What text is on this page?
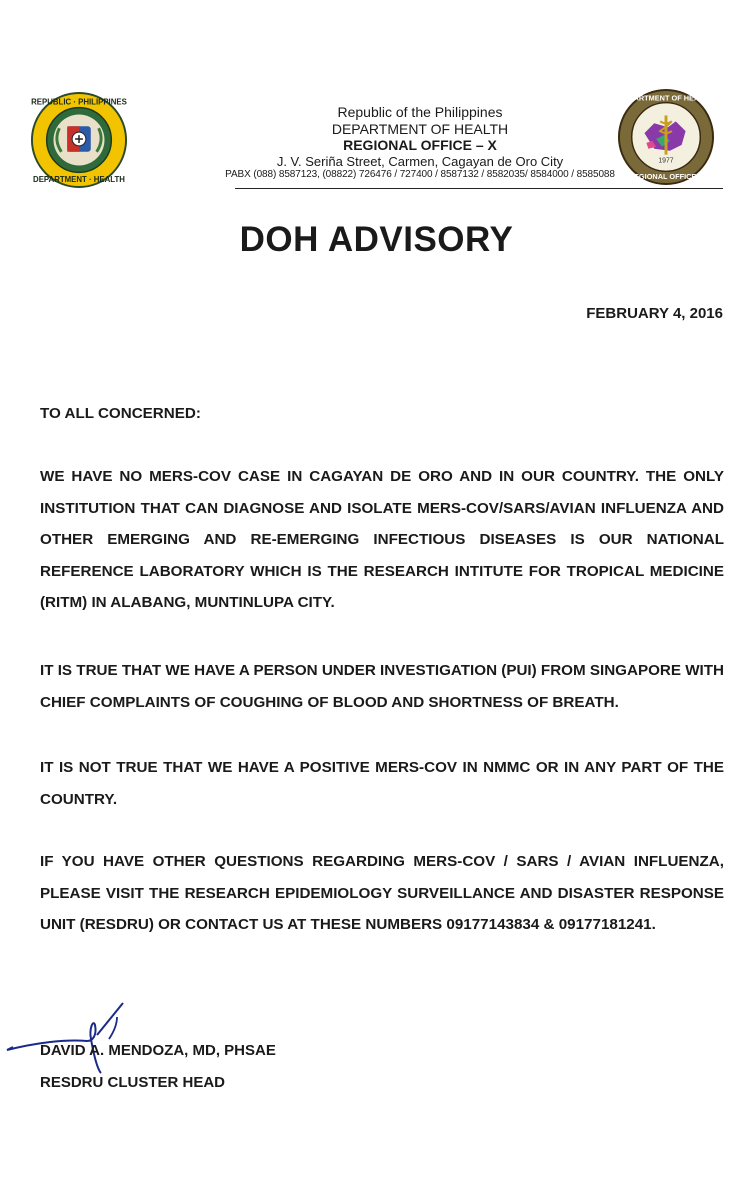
REPUBLIC · PHILIPPINES
DEPARTMENT · HEALTH
Republic of the Philippines
DEPARTMENT OF HEALTH
REGIONAL OFFICE – X
J. V. Seriña Street, Carmen, Cagayan de Oro City
PABX (088) 8587123, (08822) 726476 / 727400 / 8587132 / 8582035/ 8584000 / 8585088
1977
DEPARTMENT OF HEALTH
REGIONAL OFFICE X
DOH ADVISORY
FEBRUARY 4, 2016
TO ALL CONCERNED:
WE HAVE NO MERS-COV CASE IN CAGAYAN DE ORO AND IN OUR COUNTRY. THE ONLY INSTITUTION THAT CAN DIAGNOSE AND ISOLATE MERS-COV/SARS/AVIAN INFLUENZA AND OTHER EMERGING AND RE-EMERGING INFECTIOUS DISEASES IS OUR NATIONAL REFERENCE LABORATORY WHICH IS THE RESEARCH INTITUTE FOR TROPICAL MEDICINE (RITM) IN ALABANG, MUNTINLUPA CITY.
IT IS TRUE THAT WE HAVE A PERSON UNDER INVESTIGATION (PUI) FROM SINGAPORE WITH CHIEF COMPLAINTS OF COUGHING OF BLOOD AND SHORTNESS OF BREATH.
IT IS NOT TRUE THAT WE HAVE A POSITIVE MERS-COV IN NMMC OR IN ANY PART OF THE COUNTRY.
IF YOU HAVE OTHER QUESTIONS REGARDING MERS-COV / SARS / AVIAN INFLUENZA, PLEASE VISIT THE RESEARCH EPIDEMIOLOGY SURVEILLANCE AND DISASTER RESPONSE UNIT (RESDRU) OR CONTACT US AT THESE NUMBERS 09177143834 & 09177181241.
DAVID A. MENDOZA, MD, PHSAE
RESDRU CLUSTER HEAD
